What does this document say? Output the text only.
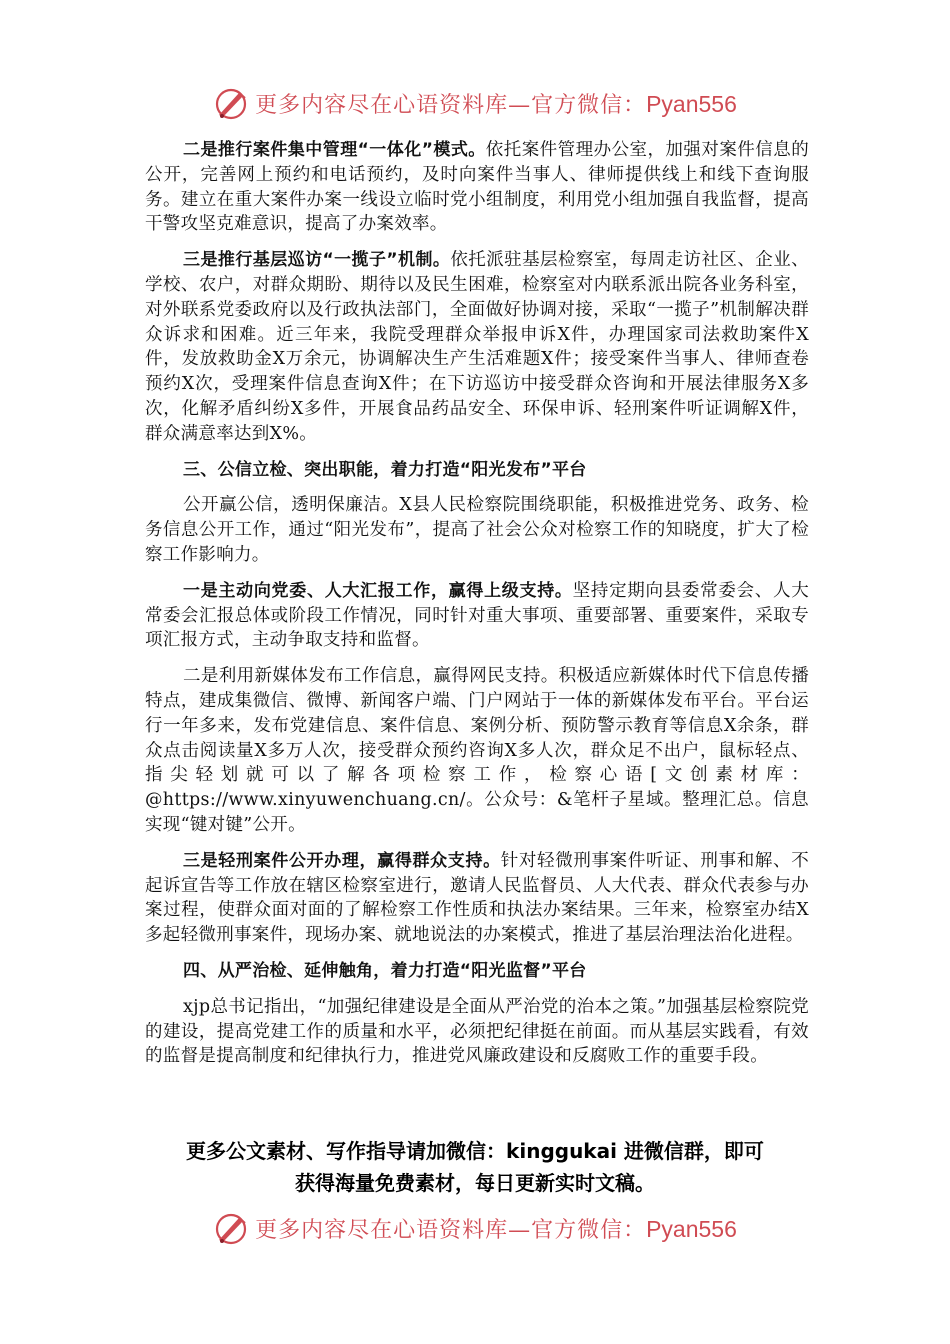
更多内容尽在心语资料库—官方微信：Pyan556

二是推行案件集中管理“一体化”模式。依托案件管理办公室，加强对案件信息的公开，完善网上预约和电话预约，及时向案件当事人、律师提供线上和线下查询服务。建立在重大案件办案一线设立临时党小组制度，利用党小组加强自我监督，提高干警攻坚克难意识，提高了办案效率。

三是推行基层巡访“一揽子”机制。依托派驻基层检察室，每周走访社区、企业、学校、农户，对群众期盼、期待以及民生困难，检察室对内联系派出院各业务科室，对外联系党委政府以及行政执法部门，全面做好协调对接，采取“一揽子”机制解决群众诉求和困难。近三年来，我院受理群众举报申诉X件，办理国家司法救助案件X件，发放救助金X万余元，协调解决生产生活难题X件；接受案件当事人、律师查卷预约X次，受理案件信息查询X件；在下访巡访中接受群众咨询和开展法律服务X多次，化解矛盾纠纷X多件，开展食品药品安全、环保申诉、轻刑案件听证调解X件，群众满意率达到X%。

三、公信立检、突出职能，着力打造“阳光发布”平台

公开赢公信，透明保廉洁。X县人民检察院围绕职能，积极推进党务、政务、检务信息公开工作，通过“阳光发布”，提高了社会公众对检察工作的知晓度，扩大了检察工作影响力。

一是主动向党委、人大汇报工作，赢得上级支持。坚持定期向县委常委会、人大常委会汇报总体或阶段工作情况，同时针对重大事项、重要部署、重要案件，采取专项汇报方式，主动争取支持和监督。

二是利用新媒体发布工作信息，赢得网民支持。积极适应新媒体时代下信息传播特点，建成集微信、微博、新闻客户端、门户网站于一体的新媒体发布平台。平台运行一年多来，发布党建信息、案件信息、案例分析、预防警示教育等信息X余条，群众点击阅读量X多万人次，接受群众预约咨询X多人次，群众足不出户，鼠标轻点、指尖轻划就可以了解各项检察工作，检察心语[文创素材库：@https://www.xinyuwenchuang.cn/。公众号：&笔杆子星域。整理汇总。信息实现“键对键”公开。

三是轻刑案件公开办理，赢得群众支持。针对轻微刑事案件听证、刑事和解、不起诉宣告等工作放在辖区检察室进行，邀请人民监督员、人大代表、群众代表参与办案过程，使群众面对面的了解检察工作性质和执法办案结果。三年来，检察室办结X多起轻微刑事案件，现场办案、就地说法的办案模式，推进了基层治理法治化进程。

四、从严治检、延伸触角，着力打造“阳光监督”平台

xjp总书记指出，“加强纪律建设是全面从严治党的治本之策。”加强基层检察院党的建设，提高党建工作的质量和水平，必须把纪律挺在前面。而从基层实践看，有效的监督是提高制度和纪律执行力，推进党风廉政建设和反腐败工作的重要手段。

更多公文素材、写作指导请加微信：kinggukai 进微信群，即可
获得海量免费素材，每日更新实时文稿。
更多内容尽在心语资料库—官方微信：Pyan556
